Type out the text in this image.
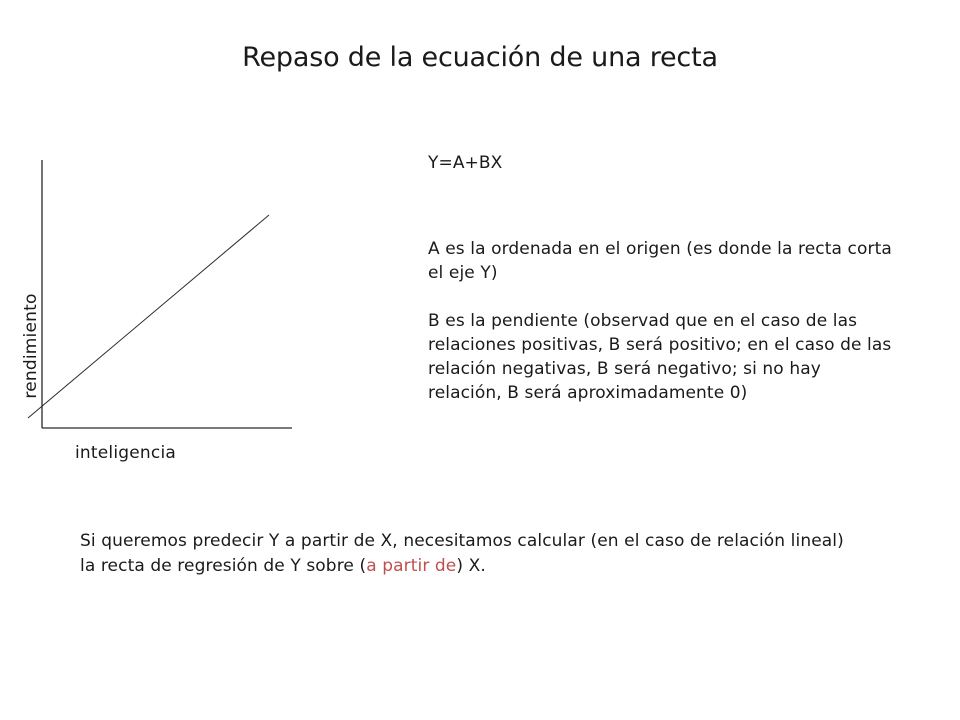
Repaso de la ecuación de una recta
rendimiento
inteligencia
Y=A+BX
A es la ordenada en el origen (es donde la recta corta el eje Y)
B es la pendiente (observad que en el caso de las relaciones positivas, B será positivo; en el caso de las relación negativas, B será negativo; si no hay relación, B será aproximadamente 0)
Si queremos predecir Y a partir de X, necesitamos calcular (en el caso de relación lineal) la recta de regresión de Y sobre (a partir de) X.
